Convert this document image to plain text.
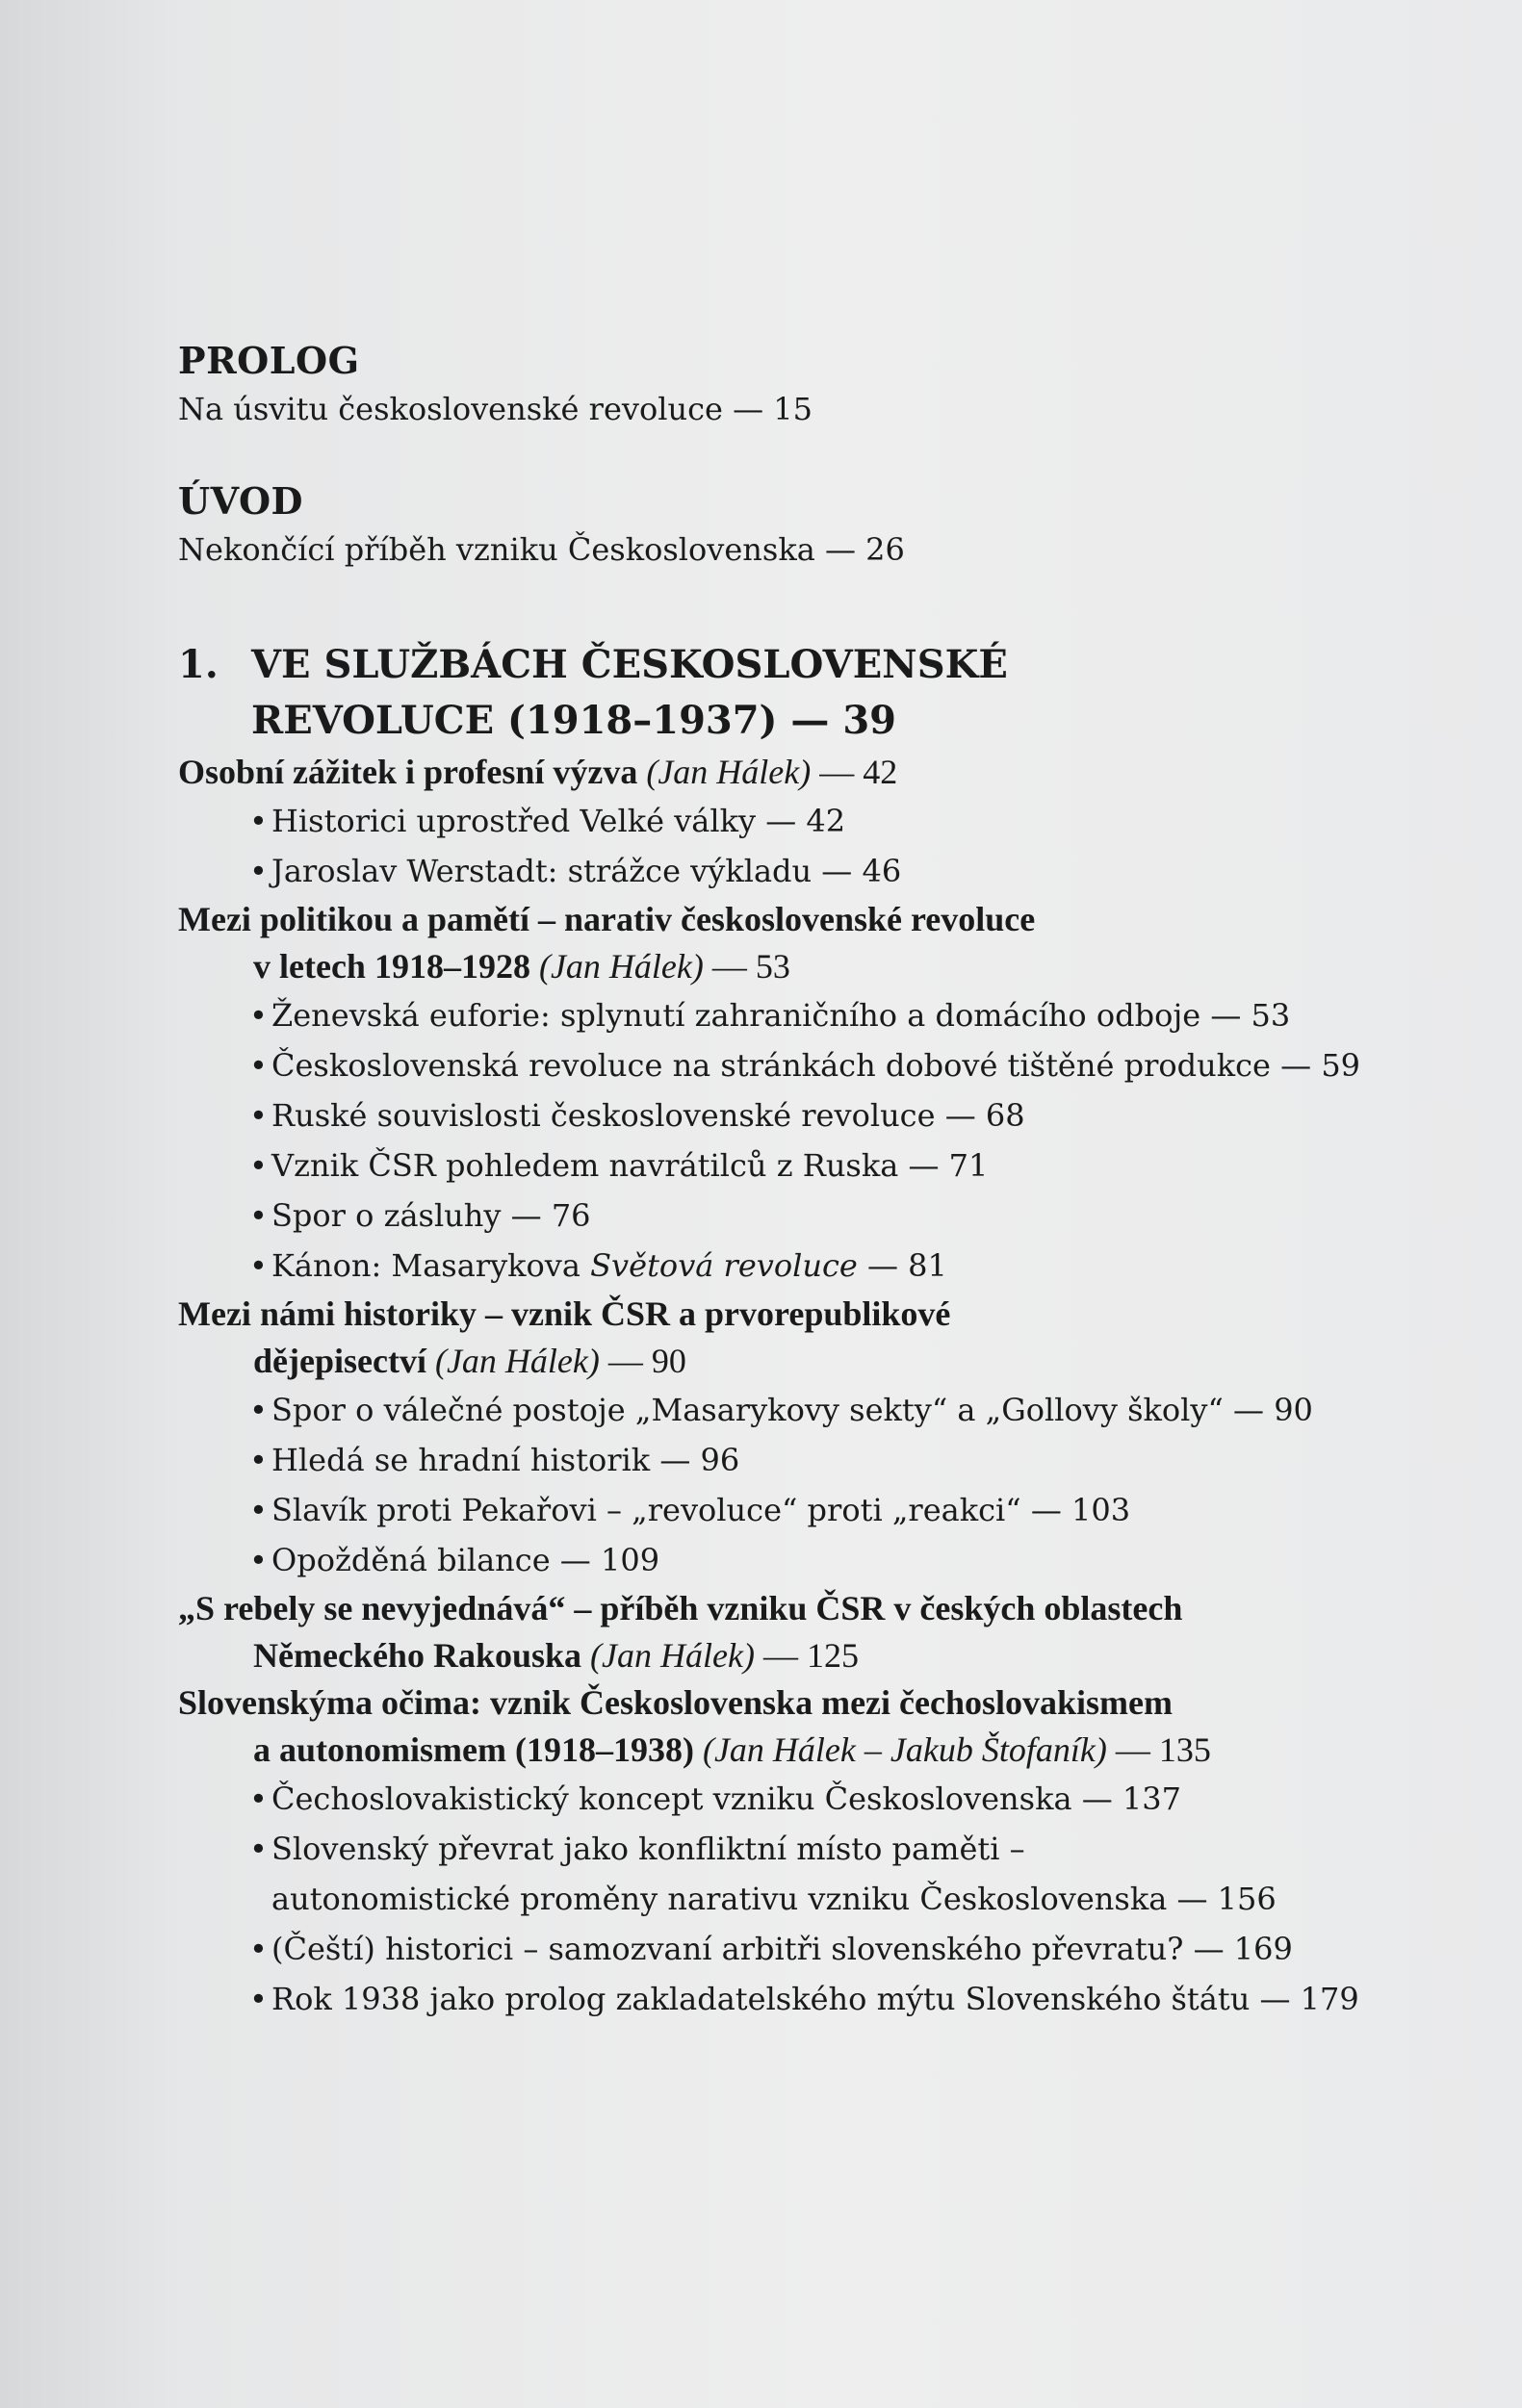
PROLOG

Na úsvitu československé revoluce — 15

ÚVOD

Nekončící příběh vzniku Československa — 26

1. VE SLUŽBÁCH ČESKOSLOVENSKÉ
REVOLUCE (1918–1937) — 39

Osobní zážitek i profesní výzva (Jan Hálek) — 42

• Historici uprostřed Velké války — 42

• Jaroslav Werstadt: strážce výkladu — 46

Mezi politikou a pamětí – narativ československé revoluce
v letech 1918–1928 (Jan Hálek) — 53

• Ženevská euforie: splynutí zahraničního a domácího odboje — 53

• Československá revoluce na stránkách dobové tištěné produkce — 59

• Ruské souvislosti československé revoluce — 68

• Vznik ČSR pohledem navrátilců z Ruska — 71

• Spor o zásluhy — 76

• Kánon: Masarykova Světová revoluce — 81

Mezi námi historiky – vznik ČSR a prvorepublikové
dějepisectví (Jan Hálek) — 90

• Spor o válečné postoje „Masarykovy sekty“ a „Gollovy školy“ — 90

• Hledá se hradní historik — 96

• Slavík proti Pekařovi – „revoluce“ proti „reakci“ — 103

• Opožděná bilance — 109

„S rebely se nevyjednává“ – příběh vzniku ČSR v českých oblastech
Německého Rakouska (Jan Hálek) — 125

Slovenskýma očima: vznik Československa mezi čechoslovakismem
a autonomismem (1918–1938) (Jan Hálek – Jakub Štofaník) — 135

• Čechoslovakistický koncept vzniku Československa — 137

• Slovenský převrat jako konfliktní místo paměti –
autonomistické proměny narativu vzniku Československa — 156

• (Čeští) historici – samozvaní arbitři slovenského převratu? — 169

• Rok 1938 jako prolog zakladatelského mýtu Slovenského štátu — 179
